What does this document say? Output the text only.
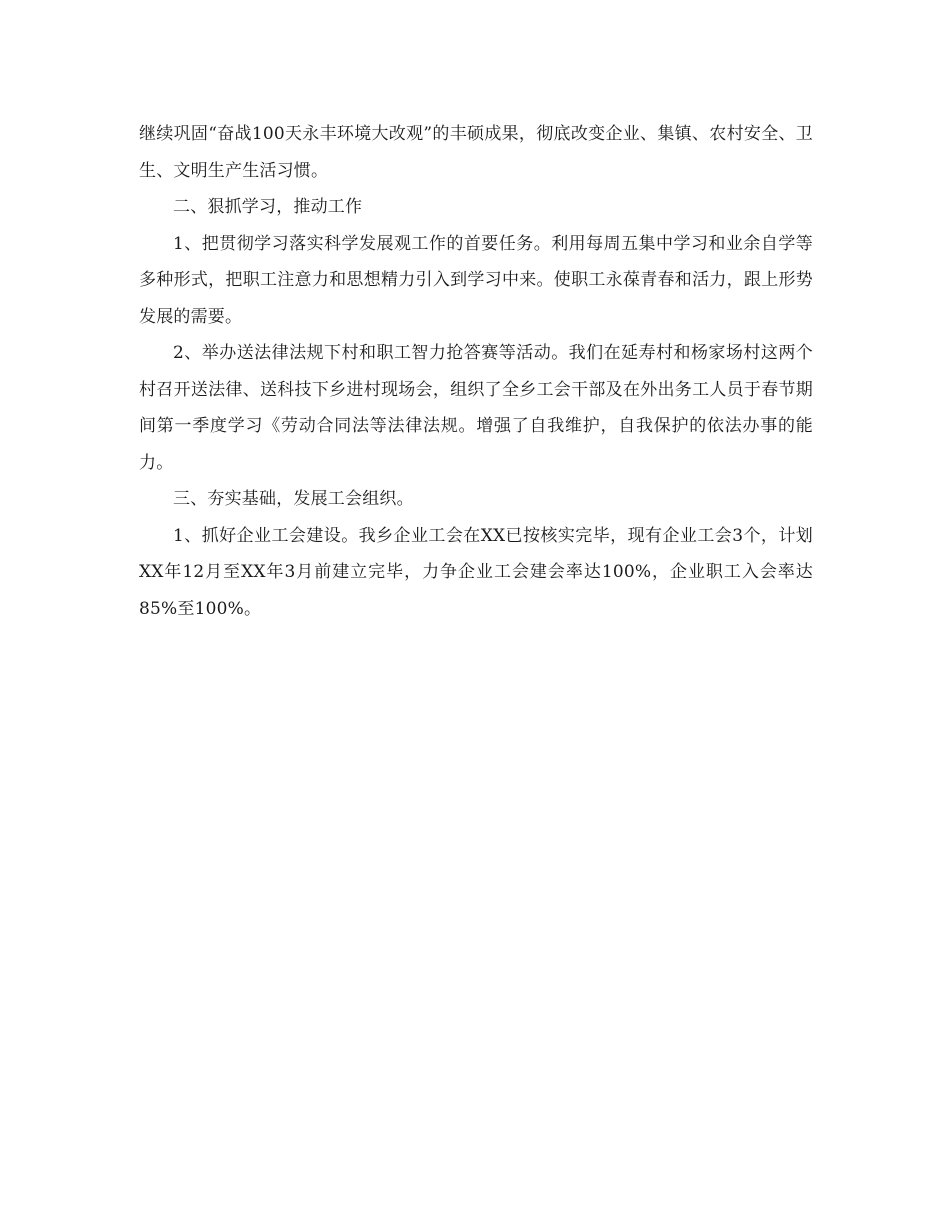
继续巩固“奋战100天永丰环境大改观”的丰硕成果，彻底改变企业、集镇、农村安全、卫生、文明生产生活习惯。

二、狠抓学习，推动工作

1、把贯彻学习落实科学发展观工作的首要任务。利用每周五集中学习和业余自学等多种形式，把职工注意力和思想精力引入到学习中来。使职工永葆青春和活力，跟上形势发展的需要。

2、举办送法律法规下村和职工智力抢答赛等活动。我们在延寿村和杨家场村这两个村召开送法律、送科技下乡进村现场会，组织了全乡工会干部及在外出务工人员于春节期间第一季度学习《劳动合同法等法律法规。增强了自我维护，自我保护的依法办事的能力。

三、夯实基础，发展工会组织。

1、抓好企业工会建设。我乡企业工会在XX已按核实完毕，现有企业工会3个，计划XX年12月至XX年3月前建立完毕，力争企业工会建会率达100%，企业职工入会率达85%至100%。
